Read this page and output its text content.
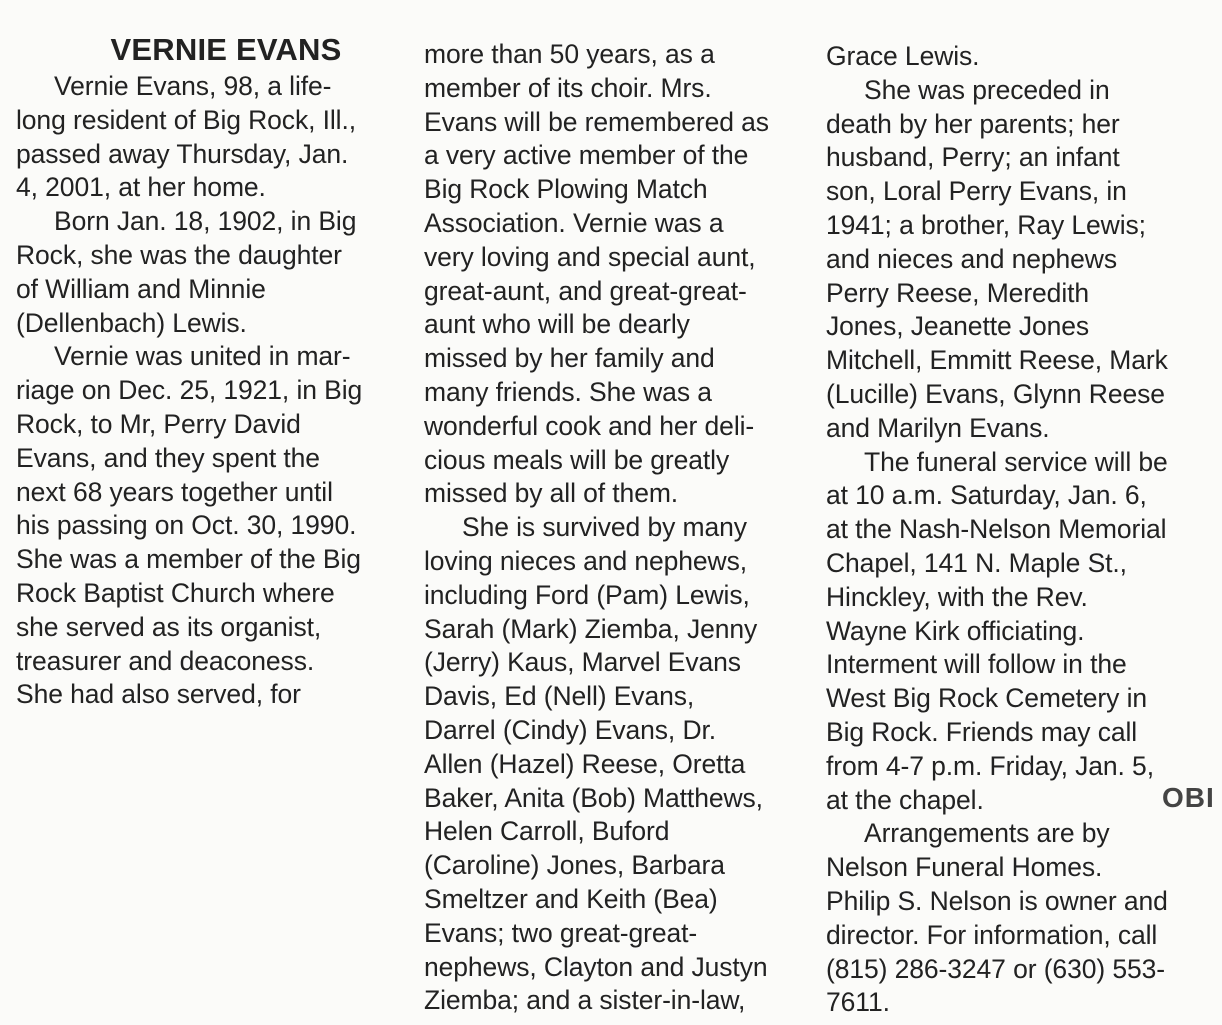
VERNIE EVANS
Vernie Evans, 98, a life-
long resident of Big Rock, Ill.,
passed away Thursday, Jan.
4, 2001, at her home.
Born Jan. 18, 1902, in Big
Rock, she was the daughter
of William and Minnie
(Dellenbach) Lewis.
Vernie was united in mar-
riage on Dec. 25, 1921, in Big
Rock, to Mr, Perry David
Evans, and they spent the
next 68 years together until
his passing on Oct. 30, 1990.
She was a member of the Big
Rock Baptist Church where
she served as its organist,
treasurer and deaconess.
She had also served, for
more than 50 years, as a
member of its choir. Mrs.
Evans will be remembered as
a very active member of the
Big Rock Plowing Match
Association. Vernie was a
very loving and special aunt,
great-aunt, and great-great-
aunt who will be dearly
missed by her family and
many friends. She was a
wonderful cook and her deli-
cious meals will be greatly
missed by all of them.
She is survived by many
loving nieces and nephews,
including Ford (Pam) Lewis,
Sarah (Mark) Ziemba, Jenny
(Jerry) Kaus, Marvel Evans
Davis, Ed (Nell) Evans,
Darrel (Cindy) Evans, Dr.
Allen (Hazel) Reese, Oretta
Baker, Anita (Bob) Matthews,
Helen Carroll, Buford
(Caroline) Jones, Barbara
Smeltzer and Keith (Bea)
Evans; two great-great-
nephews, Clayton and Justyn
Ziemba; and a sister-in-law,
Grace Lewis.
She was preceded in
death by her parents; her
husband, Perry; an infant
son, Loral Perry Evans, in
1941; a brother, Ray Lewis;
and nieces and nephews
Perry Reese, Meredith
Jones, Jeanette Jones
Mitchell, Emmitt Reese, Mark
(Lucille) Evans, Glynn Reese
and Marilyn Evans.
The funeral service will be
at 10 a.m. Saturday, Jan. 6,
at the Nash-Nelson Memorial
Chapel, 141 N. Maple St.,
Hinckley, with the Rev.
Wayne Kirk officiating.
Interment will follow in the
West Big Rock Cemetery in
Big Rock. Friends may call
from 4-7 p.m. Friday, Jan. 5,
at the chapel.
Arrangements are by
Nelson Funeral Homes.
Philip S. Nelson is owner and
director. For information, call
(815) 286-3247 or (630) 553-
7611.
OBI
